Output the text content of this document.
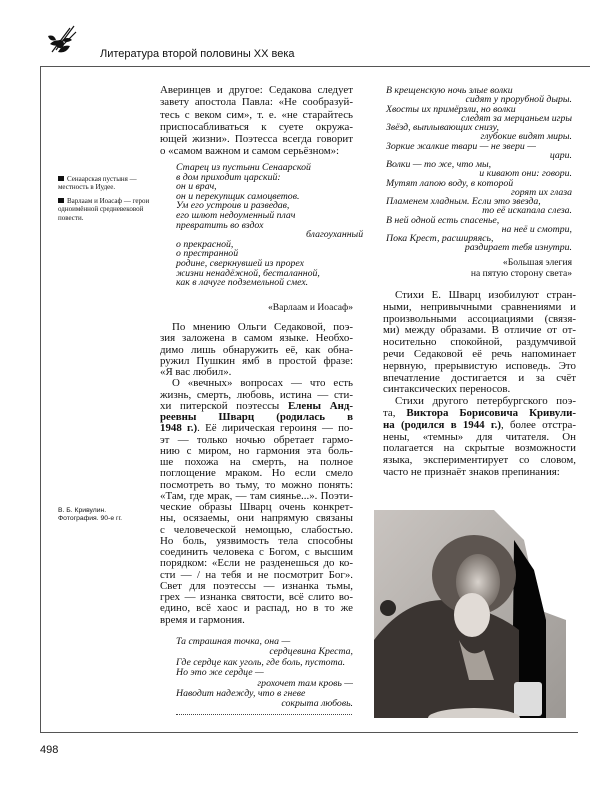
Литература второй половины XX века
Сенаарская пустыня — местность в Иудее.
Варлаам и Иоасаф — герои одноимённой средневековой повести.
В. Б. Кривулин.
Фотография. 90-е гг.
Аверинцев и другое: Седакова следует
завету апостола Павла: «Не сообразуй-
тесь с веком сим», т. е. «не старайтесь
приспосабливаться к суете окружа-
ющей жизни». Поэтесса всегда говорит
о «самом важном и самом серьёзном»:
Старец из пустыни Сенаарской
в дом приходит царский:
он и врач,
он и перекупщик самоцветов.
Ум его устроив и разведав,
его шлют недоуменный плач
превратить во вздох
благоуханный
о прекрасной,
о престранной
родине, сверкнувшей из прорех
жизни ненадёжной, бесталанной,
как в лачуге подземельной смех.
«Варлаам и Иоасаф»
По мнению Ольги Седаковой, поэ-
зия заложена в самом языке. Необхо-
димо лишь обнаружить её, как обна-
ружил Пушкин ямб в простой фразе:
«Я вас любил».
О «вечных» вопросах — что есть
жизнь, смерть, любовь, истина — сти-
хи питерской поэтессы Елены Анд-
реевны Шварц (родилась в
1948 г.). Её лирическая героиня — по-
эт — только ночью обретает гармо-
нию с миром, но гармония эта боль-
ше похожа на смерть, на полное
поглощение мраком. Но если смело
посмотреть во тьму, то можно понять:
«Там, где мрак, — там сиянье...». Поэти-
ческие образы Шварц очень конкрет-
ны, осязаемы, они напрямую связаны
с человеческой немощью, слабостью.
Но боль, уязвимость тела способны
соединить человека с Богом, с высшим
порядком: «Если не разденешься до ко-
сти — / на тебя и не посмотрит Бог».
Свет для поэтессы — изнанка тьмы,
грех — изнанка святости, всё слито во-
едино, всё хаос и распад, но в то же
время и гармония.
Та страшная точка, она —
сердцевина Креста,
Где сердце как уголь, где боль, пустота.
Но это же сердце —
грохочет там кровь —
Наводит надежду, что в гневе
сокрыта любовь.
В крещенскую ночь злые волки
сидят у прорубной дыры.
Хвосты их примёрзли, но волки
следят за мерцаньем игры
Звёзд, выплывающих снизу,
глубокие видят миры.
Зоркие жалкие твари — не звери —
цари.
Волки — то же, что мы,
и кивают они: говори.
Мутят лапою воду, в которой
горят их глаза
Пламенем хладным. Если это звезда,
то её искапала слеза.
В ней одной есть спасенье,
на неё и смотри,
Пока Крест, расширяясь,
раздирает тебя изнутри.
«Большая элегия
на пятую сторону света»
Стихи Е. Шварц изобилуют стран-
ными, непривычными сравнениями и
произвольными ассоциациями (связя-
ми) между образами. В отличие от от-
носительно спокойной, раздумчивой
речи Седаковой её речь напоминает
нервную, прерывистую исповедь. Это
впечатление достигается и за счёт
синтаксических переносов.
Стихи другого петербургского поэ-
та, Виктора Борисовича Кривули-
на (родился в 1944 г.), более отстра-
нены, «темны» для читателя. Он
полагается на скрытые возможности
языка, экспериментирует со словом,
часто не признаёт знаков препинания:
498
